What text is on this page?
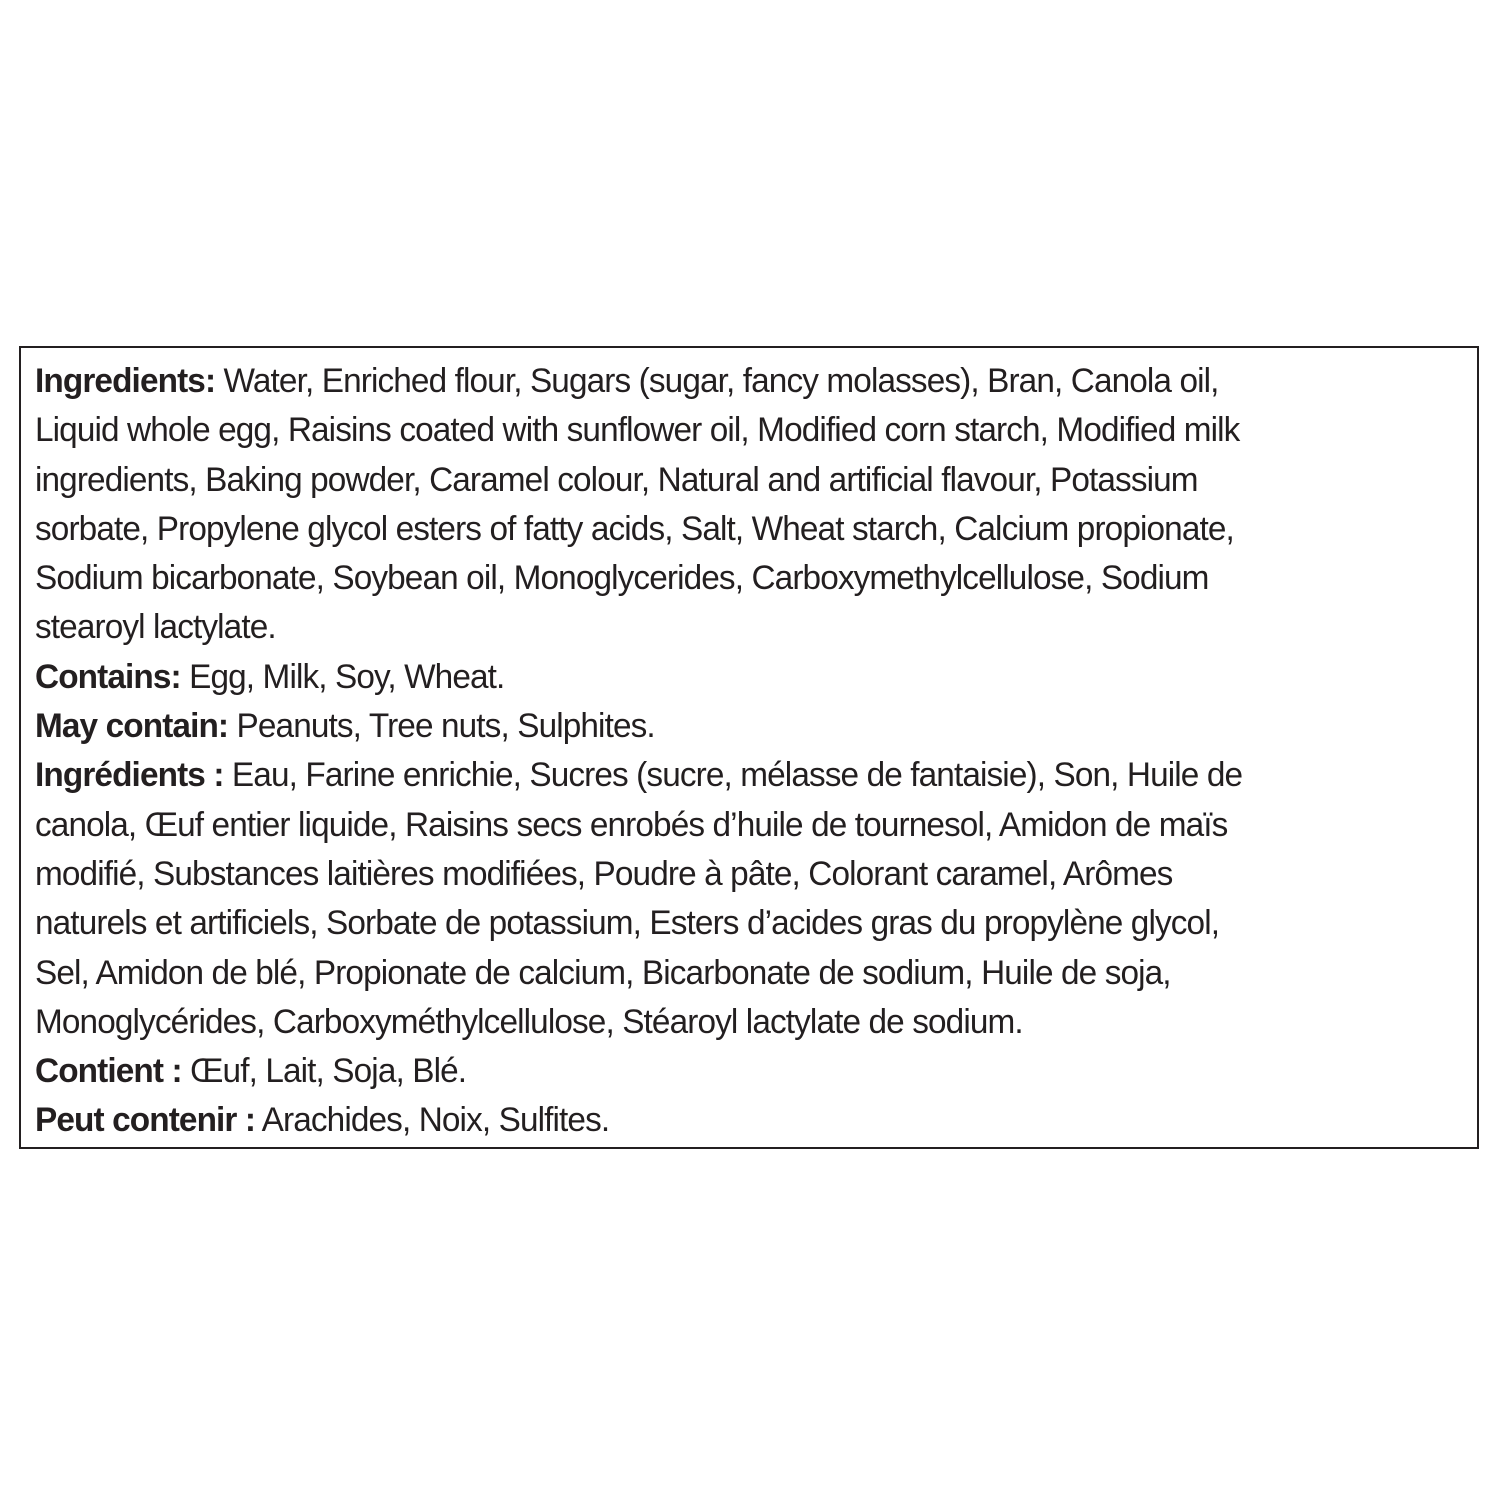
Ingredients: Water, Enriched flour, Sugars (sugar, fancy molasses), Bran, Canola oil,
Liquid whole egg, Raisins coated with sunflower oil, Modified corn starch, Modified milk
ingredients, Baking powder, Caramel colour, Natural and artificial flavour, Potassium
sorbate, Propylene glycol esters of fatty acids, Salt, Wheat starch, Calcium propionate,
Sodium bicarbonate, Soybean oil, Monoglycerides, Carboxymethylcellulose, Sodium
stearoyl lactylate.
Contains: Egg, Milk, Soy, Wheat.
May contain: Peanuts, Tree nuts, Sulphites.
Ingrédients : Eau, Farine enrichie, Sucres (sucre, mélasse de fantaisie), Son, Huile de
canola, Œuf entier liquide, Raisins secs enrobés d’huile de tournesol, Amidon de maïs
modifié, Substances laitières modifiées, Poudre à pâte, Colorant caramel, Arômes
naturels et artificiels, Sorbate de potassium, Esters d’acides gras du propylène glycol,
Sel, Amidon de blé, Propionate de calcium, Bicarbonate de sodium, Huile de soja,
Monoglycérides, Carboxyméthylcellulose, Stéaroyl lactylate de sodium.
Contient : Œuf, Lait, Soja, Blé.
Peut contenir : Arachides, Noix, Sulfites.
